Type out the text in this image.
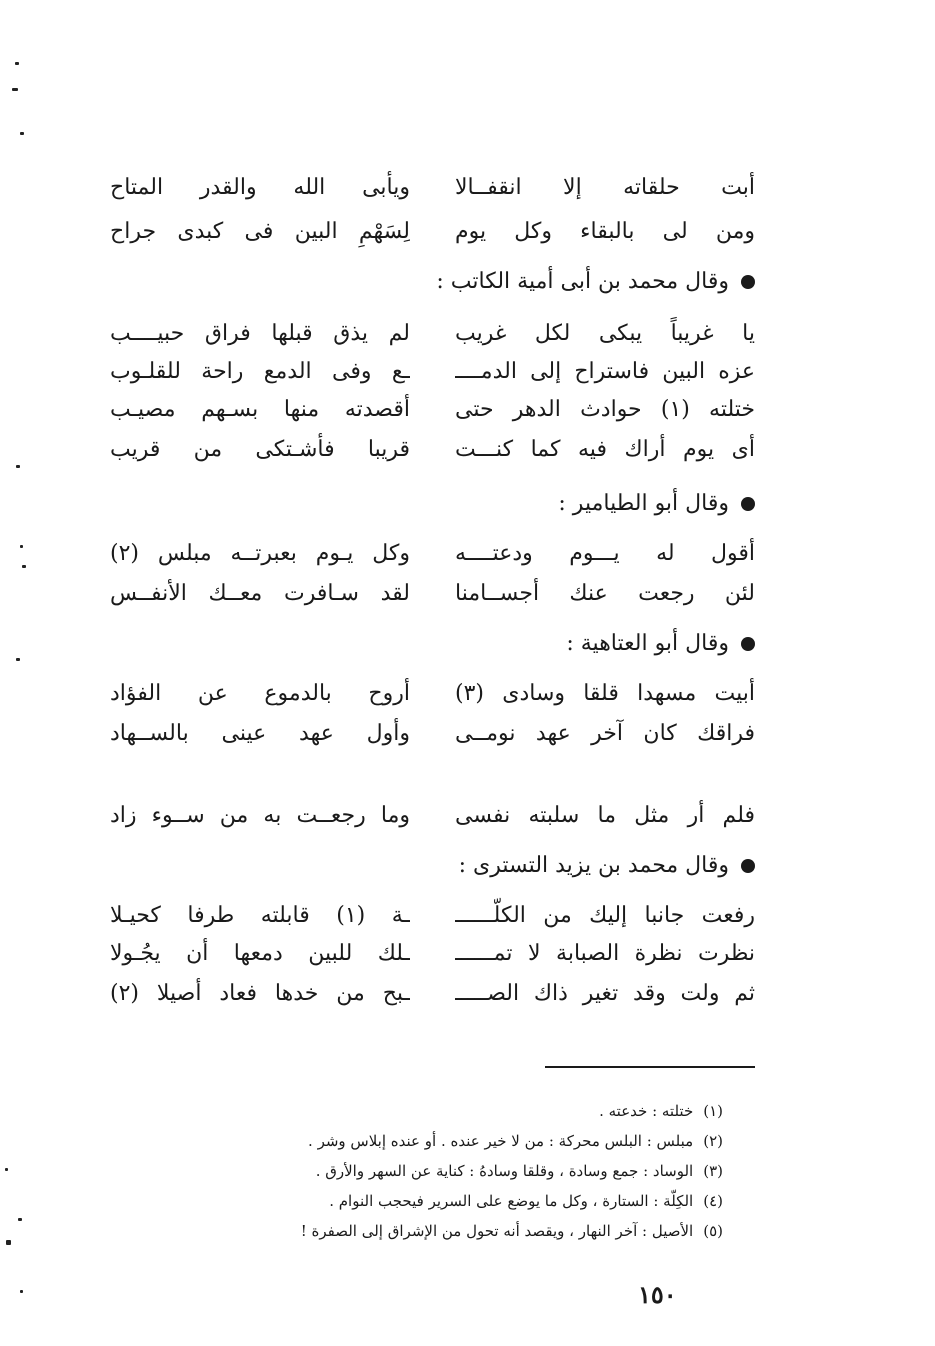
أبت حلقاته إلا انقفــالا
ويأبى الله والقدر المتاح
ومن لى بالبقاء وكل يوم
لِسَهْمِ البين فى كبدى جراح
وقال محمد بن أبى أمية الكاتب :
يا غريباً يبكى لكل غريب
لم يذق قبلها فراق حبيــــب
عزه البين فاستراح إلى الدمــــ
ـع وفى الدمع راحة للقلـوب
ختلته (١) حوادث الدهر حتى
أقصدته منها بسـهم مصيـب
أى يوم أراك فيه كما كنـــت
قريبا فأشـتكى من قريب
وقال أبو الطيامير :
أقول له يـــوم ودعتــــه
وكل يـوم بعبرتــه مبلس (٢)
لئن رجعت عنك أجســامنا
لقد سـافرت معــك الأنفــس
وقال أبو العتاهية :
أبيت مسهدا قلقا وسادى (٣)
أروح بالدموع عن الفؤاد
فراقك كان آخر عهد نومــى
وأول عهد عينى بالســهاد
فلم أر مثل ما سلبته نفسى
وما رجعــت به من ســوء زاد
وقال محمد بن يزيد التسترى :
رفعت جانبا إليك من الكلّــــــ
ـة (١) قابلته طرفا كحيـلا
نظرت نظرة الصبابة لا تمــــــ
ـلك للبين دمعها أن يجُـولا
ثم ولت وقد تغير ذاك الصـــــ
ـبح من خدها فعاد أصيلا (٢)
(١)ختلته : خدعته .
(٢)مبلس : البلس محركة : من لا خير عنده . أو عنده إبلاس وشر .
(٣)الوساد : جمع وسادة ، وقلقا وسادهُ : كناية عن السهر والأرق .
(٤)الكِلّة : الستارة ، وكل ما يوضع على السرير فيحجب النوام .
(٥)الأصيل : آخر النهار ، ويقصد أنه تحول من الإشراق إلى الصفرة !
١٥٠
